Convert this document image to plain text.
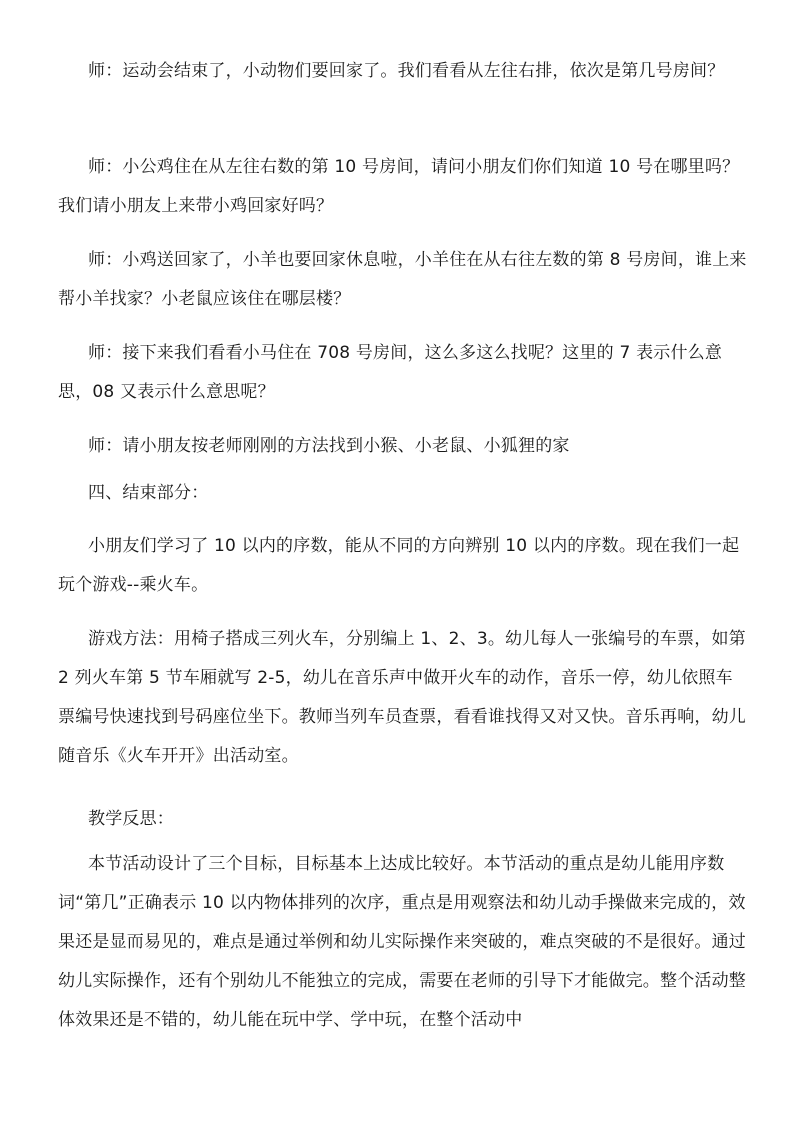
师：运动会结束了，小动物们要回家了。我们看看从左往右排，依次是第几号房间？

师：小公鸡住在从左往右数的第 10 号房间，请问小朋友们你们知道 10 号在哪里吗？我们请小朋友上来带小鸡回家好吗？

师：小鸡送回家了，小羊也要回家休息啦，小羊住在从右往左数的第 8 号房间，谁上来帮小羊找家？小老鼠应该住在哪层楼？

师：接下来我们看看小马住在 708 号房间，这么多这么找呢？这里的 7 表示什么意思，08 又表示什么意思呢？

师：请小朋友按老师刚刚的方法找到小猴、小老鼠、小狐狸的家

四、结束部分：

小朋友们学习了 10 以内的序数，能从不同的方向辨别 10 以内的序数。现在我们一起玩个游戏--乘火车。

游戏方法：用椅子搭成三列火车，分别编上 1、2、3。幼儿每人一张编号的车票，如第 2 列火车第 5 节车厢就写 2-5，幼儿在音乐声中做开火车的动作，音乐一停，幼儿依照车票编号快速找到号码座位坐下。教师当列车员查票，看看谁找得又对又快。音乐再响，幼儿随音乐《火车开开》出活动室。

教学反思：

本节活动设计了三个目标，目标基本上达成比较好。本节活动的重点是幼儿能用序数词“第几”正确表示 10 以内物体排列的次序，重点是用观察法和幼儿动手操做来完成的，效果还是显而易见的，难点是通过举例和幼儿实际操作来突破的，难点突破的不是很好。通过幼儿实际操作，还有个别幼儿不能独立的完成，需要在老师的引导下才能做完。整个活动整体效果还是不错的，幼儿能在玩中学、学中玩，在整个活动中
